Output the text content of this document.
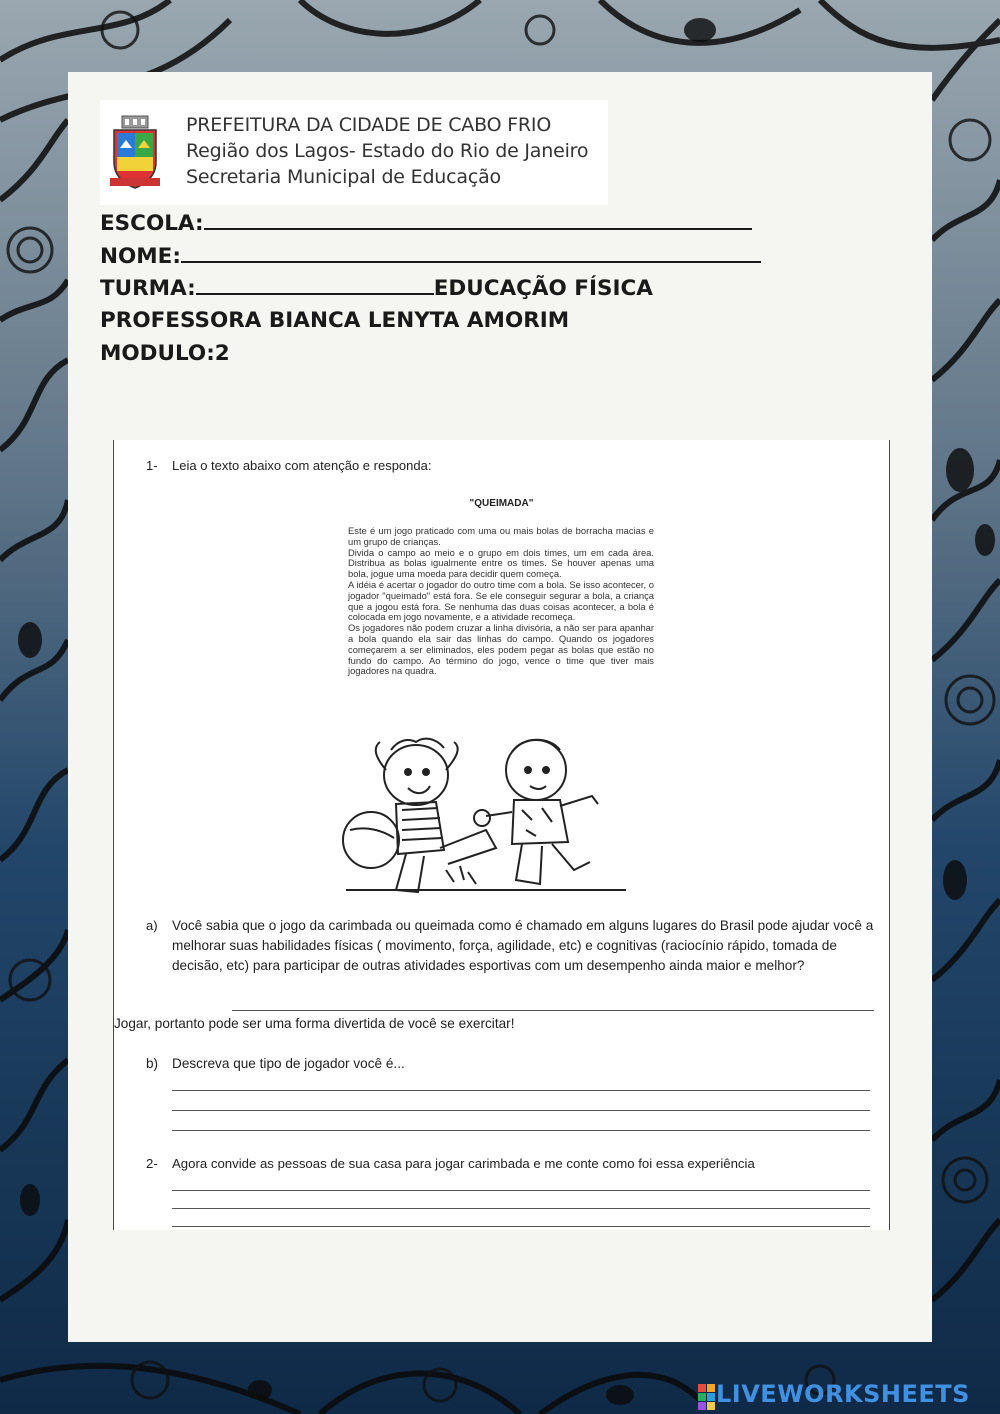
PREFEITURA DA CIDADE DE CABO FRIO
Região dos Lagos- Estado do Rio de Janeiro
Secretaria Municipal de Educação
ESCOLA:
NOME:
TURMA:	EDUCAÇÃO FÍSICA
PROFESSORA BIANCA LENYTA AMORIM
MODULO:2
1- Leia o texto abaixo com atenção e responda:
"QUEIMADA"

Este é um jogo praticado com uma ou mais bolas de borracha macias e um grupo de crianças.

Divida o campo ao meio e o grupo em dois times, um em cada área. Distribua as bolas igualmente entre os times. Se houver apenas uma bola, jogue uma moeda para decidir quem começa.

A idéia é acertar o jogador do outro time com a bola. Se isso acontecer, o jogador "queimado" está fora. Se ele conseguir segurar a bola, a criança que a jogou está fora. Se nenhuma das duas coisas acontecer, a bola é colocada em jogo novamente, e a atividade recomeça.

Os jogadores não podem cruzar a linha divisória, a não ser para apanhar a bola quando ela sair das linhas do campo. Quando os jogadores começarem a ser eliminados, eles podem pegar as bolas que estão no fundo do campo. Ao término do jogo, vence o time que tiver mais jogadores na quadra.

a) Você sabia que o jogo da carimbada ou queimada como é chamado em alguns lugares do Brasil pode ajudar você a melhorar suas habilidades físicas ( movimento, força, agilidade, etc) e cognitivas (raciocínio rápido, tomada de decisão, etc) para participar de outras atividades esportivas com um desempenho ainda maior e melhor?
Jogar, portanto pode ser uma forma divertida de você se exercitar!
b) Descreva que tipo de jogador você é...
2- Agora convide as pessoas de sua casa para jogar carimbada e me conte como foi essa experiência
LIVEWORKSHEETS
